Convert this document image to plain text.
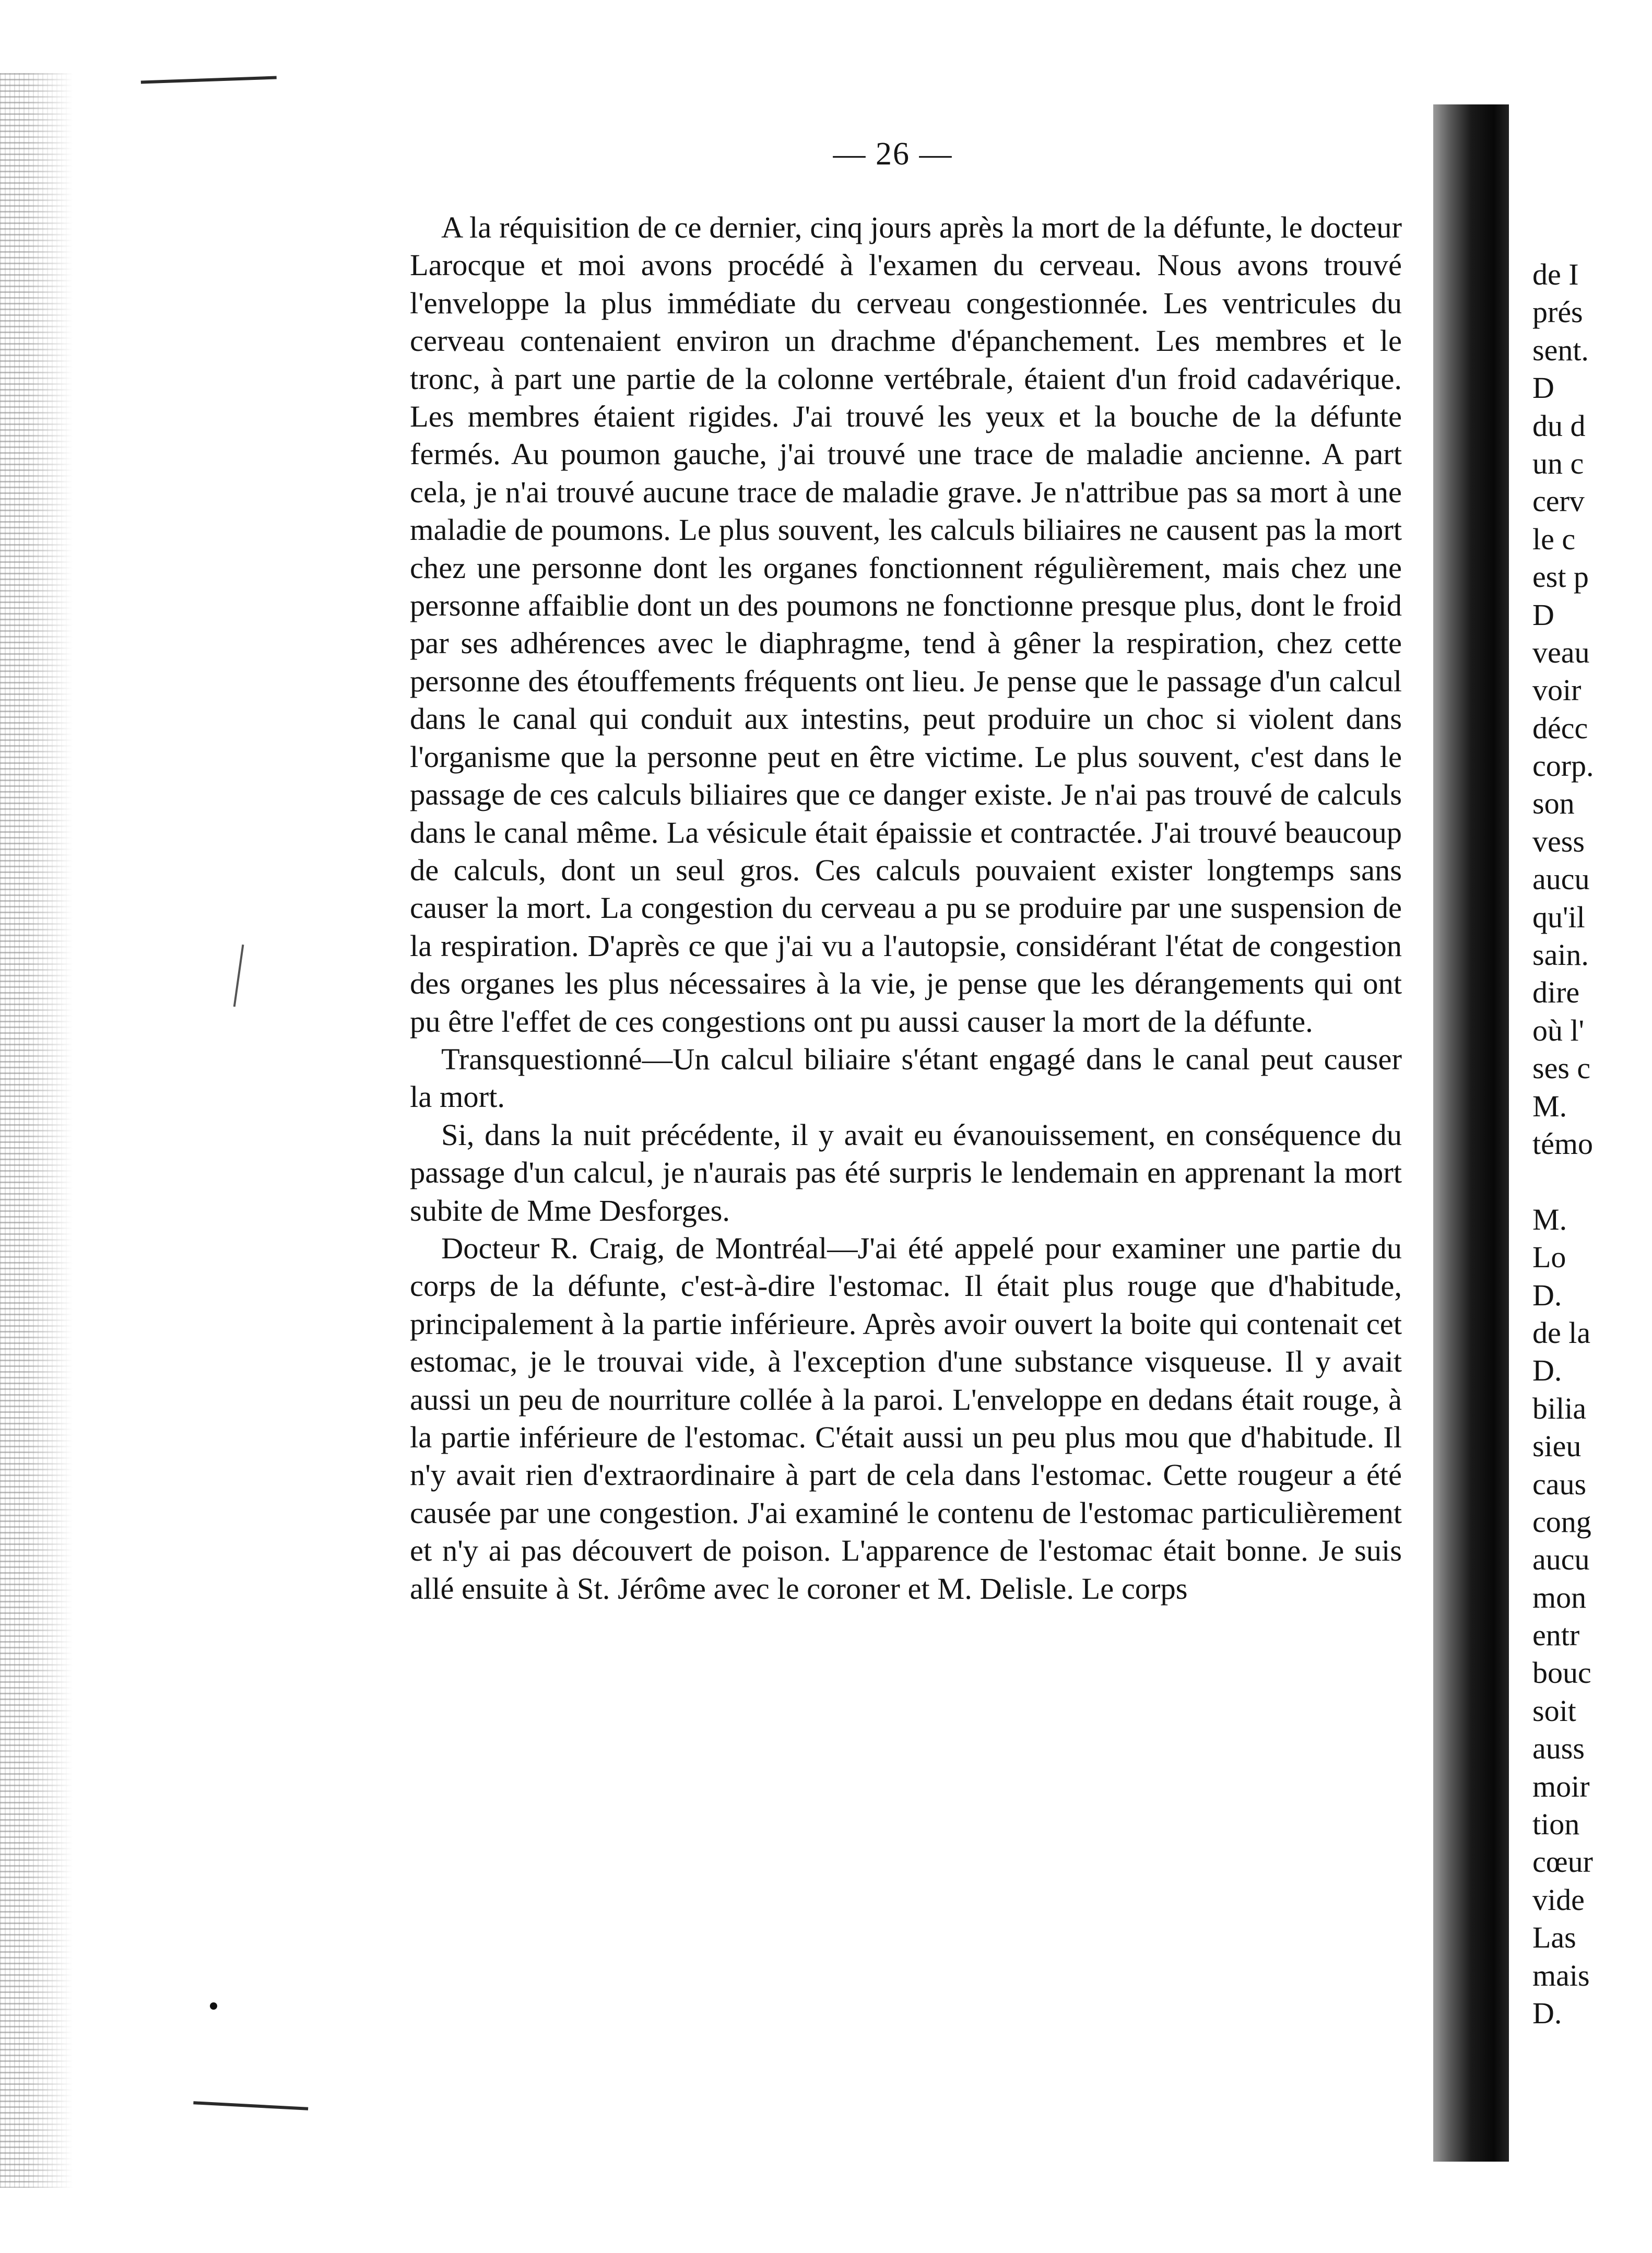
— 26 —

A la réquisition de ce dernier, cinq jours après la mort de la défunte, le docteur Larocque et moi avons procédé à l'examen du cerveau. Nous avons trouvé l'enveloppe la plus immédiate du cerveau congestionnée. Les ventricules du cerveau contenaient environ un drachme d'épanchement. Les membres et le tronc, à part une partie de la colonne vertébrale, étaient d'un froid cadavérique. Les membres étaient rigides. J'ai trouvé les yeux et la bouche de la défunte fermés. Au poumon gauche, j'ai trouvé une trace de maladie ancienne. A part cela, je n'ai trouvé aucune trace de maladie grave. Je n'attribue pas sa mort à une maladie de poumons. Le plus souvent, les calculs biliaires ne causent pas la mort chez une personne dont les organes fonctionnent régulièrement, mais chez une personne affaiblie dont un des poumons ne fonctionne presque plus, dont le froid par ses adhérences avec le diaphragme, tend à gêner la respiration, chez cette personne des étouffements fréquents ont lieu. Je pense que le passage d'un calcul dans le canal qui conduit aux intestins, peut produire un choc si violent dans l'organisme que la personne peut en être victime. Le plus souvent, c'est dans le passage de ces calculs biliaires que ce danger existe. Je n'ai pas trouvé de calculs dans le canal même. La vésicule était épaissie et contractée. J'ai trouvé beaucoup de calculs, dont un seul gros. Ces calculs pouvaient exister longtemps sans causer la mort. La congestion du cerveau a pu se produire par une suspension de la respiration. D'après ce que j'ai vu a l'autopsie, considérant l'état de congestion des organes les plus nécessaires à la vie, je pense que les dérangements qui ont pu être l'effet de ces congestions ont pu aussi causer la mort de la défunte.

Transquestionné—Un calcul biliaire s'étant engagé dans le canal peut causer la mort.

Si, dans la nuit précédente, il y avait eu évanouissement, en conséquence du passage d'un calcul, je n'aurais pas été surpris le lendemain en apprenant la mort subite de Mme Desforges.

Docteur R. Craig, de Montréal—J'ai été appelé pour examiner une partie du corps de la défunte, c'est-à-dire l'estomac. Il était plus rouge que d'habitude, principalement à la partie inférieure. Après avoir ouvert la boite qui contenait cet estomac, je le trouvai vide, à l'exception d'une substance visqueuse. Il y avait aussi un peu de nourriture collée à la paroi. L'enveloppe en dedans était rouge, à la partie inférieure de l'estomac. C'était aussi un peu plus mou que d'habitude. Il n'y avait rien d'extraordinaire à part de cela dans l'estomac. Cette rougeur a été causée par une congestion. J'ai examiné le contenu de l'estomac particulièrement et n'y ai pas découvert de poison. L'apparence de l'estomac était bonne. Je suis allé ensuite à St. Jérôme avec le coroner et M. Delisle. Le corps

de I
prés
sent.
D
du d
un c
cerv
le c
est p
D
veau
voir
décc
corp.
son
vess
aucu
qu'il
sain.
dire
où l'
ses c
M.
témo
M.
Lo
D.
de la
D.
bilia
sieu
caus
cong
aucu
mon
entr
bouc
soit
auss
moir
tion
cœur
vide
Las
mais
D.
